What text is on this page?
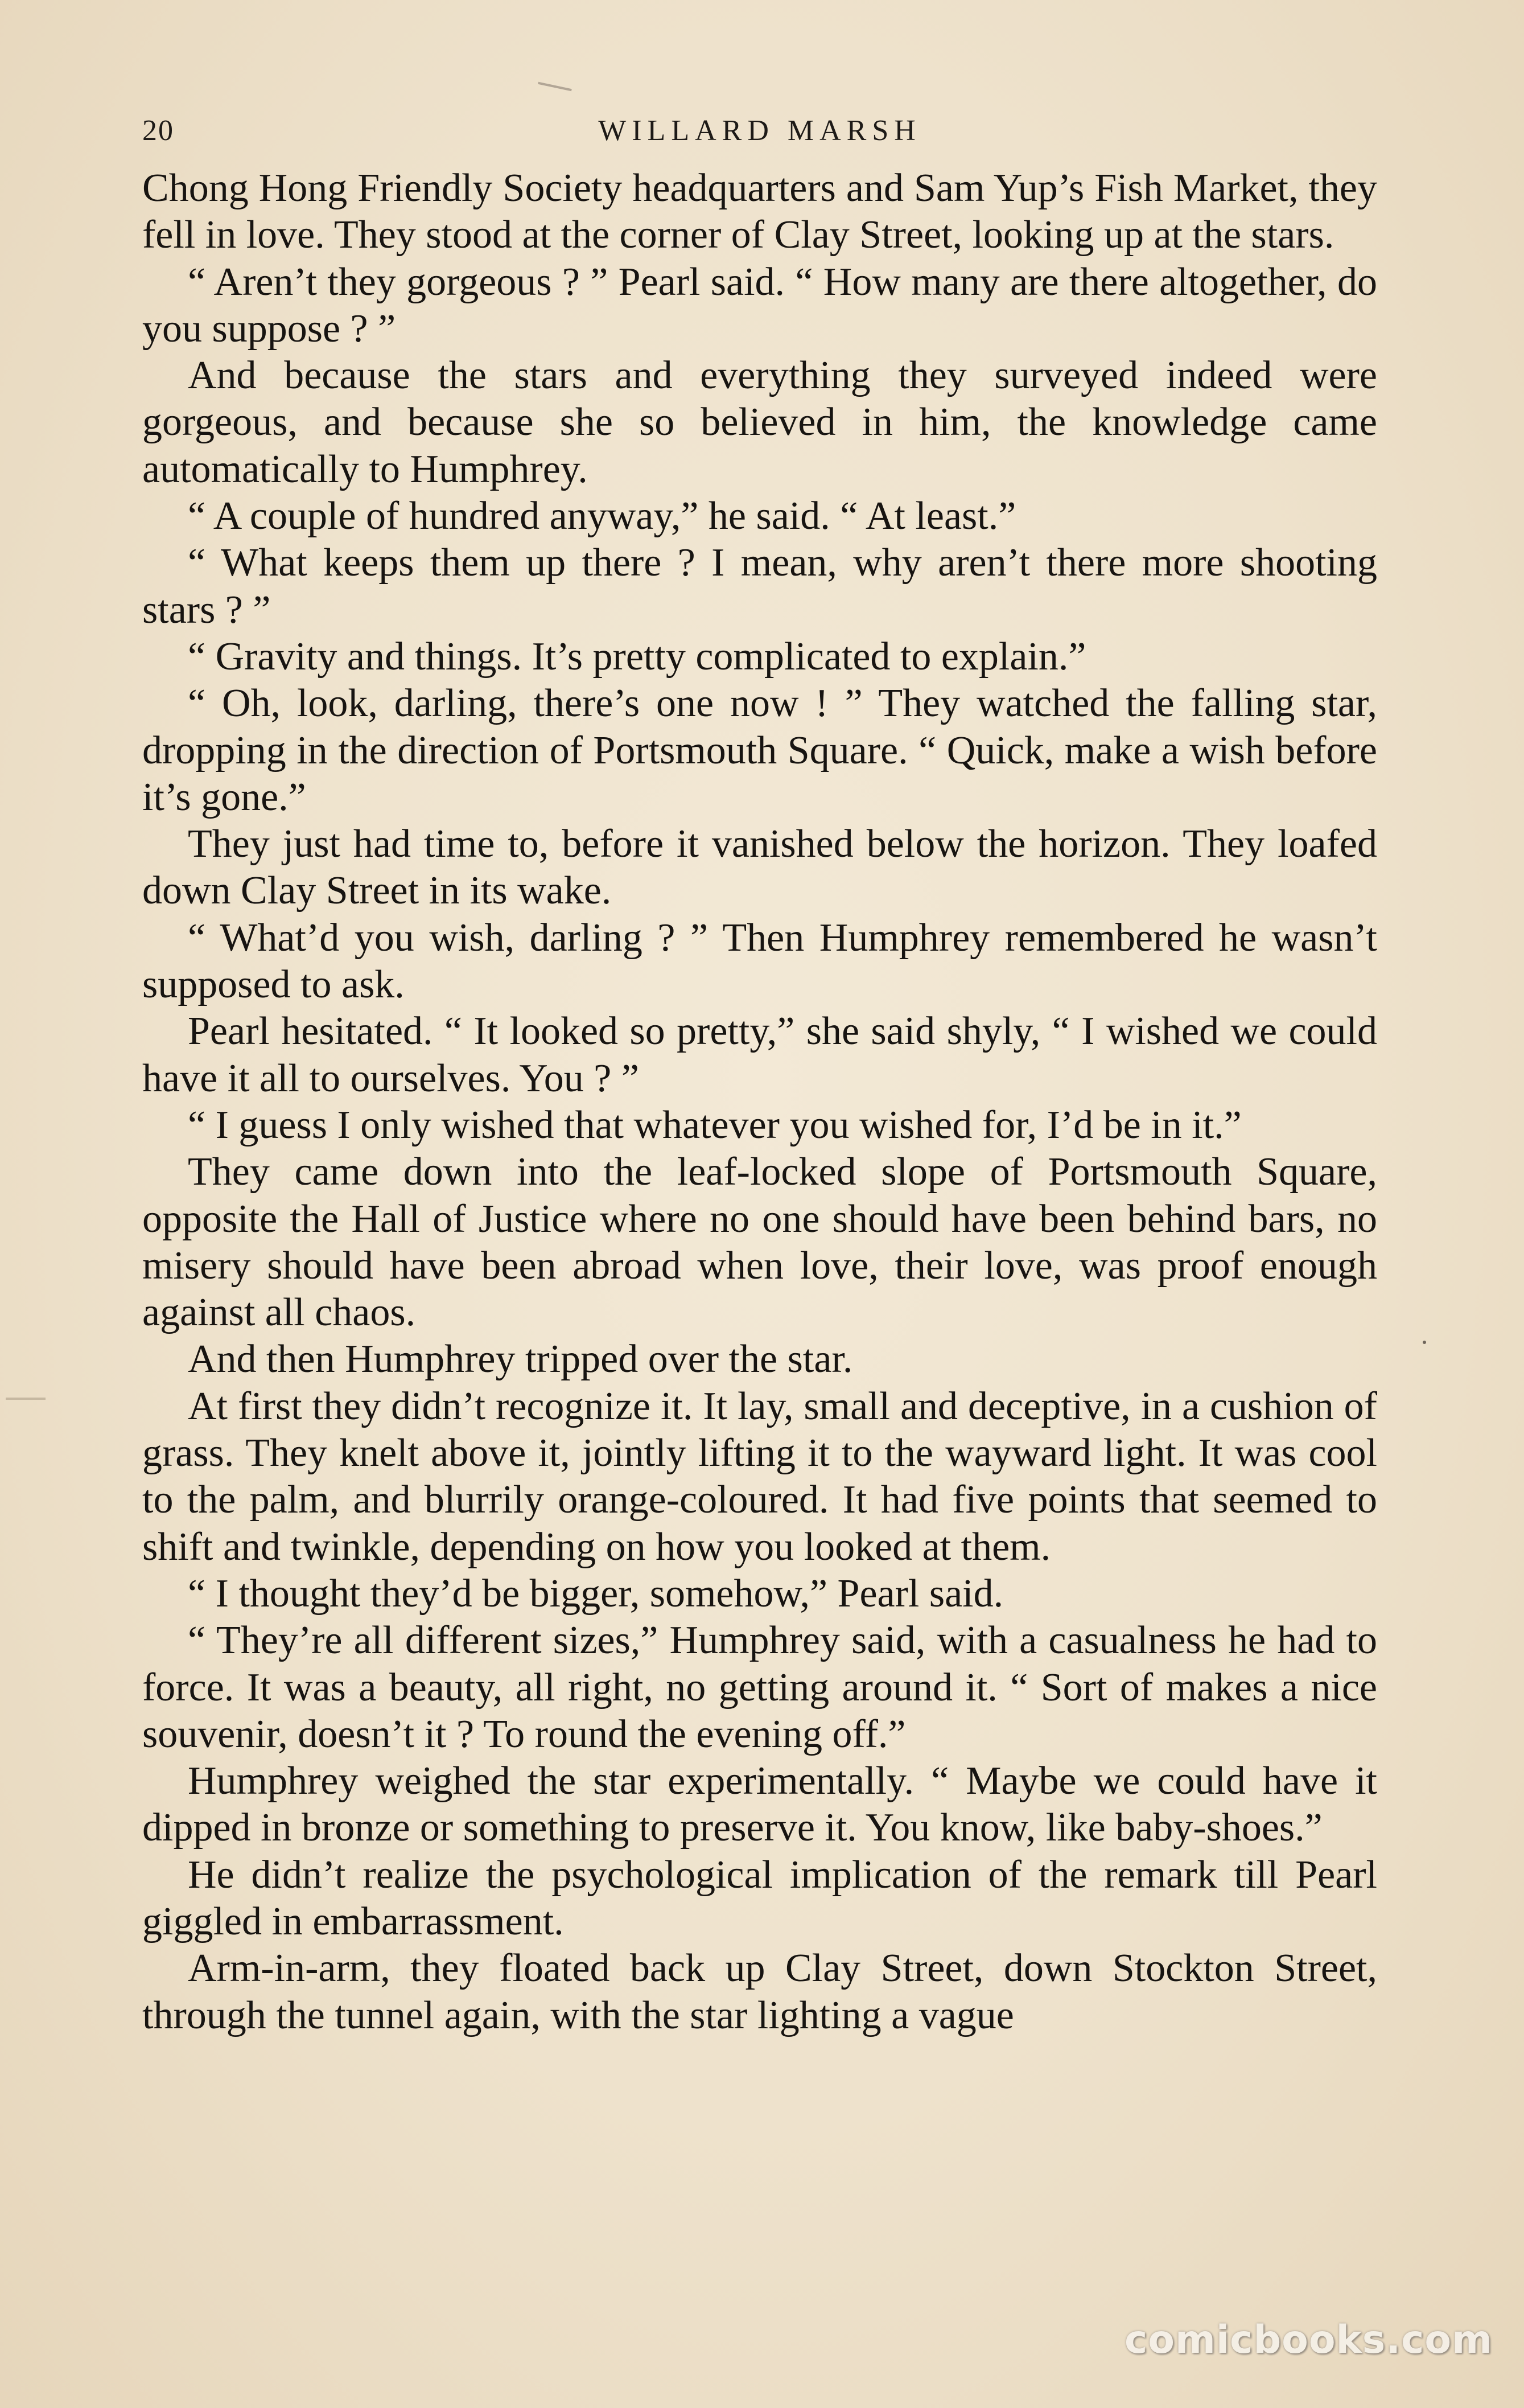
20	WILLARD MARSH

Chong Hong Friendly Society headquarters and Sam Yup’s Fish Market, they fell in love. They stood at the corner of Clay Street, looking up at the stars.

“ Aren’t they gorgeous ? ” Pearl said. “ How many are there altogether, do you suppose ? ”

And because the stars and everything they surveyed indeed were gorgeous, and because she so believed in him, the knowledge came automatically to Humphrey.

“ A couple of hundred anyway,” he said. “ At least.”

“ What keeps them up there ? I mean, why aren’t there more shooting stars ? ”

“ Gravity and things. It’s pretty complicated to explain.”

“ Oh, look, darling, there’s one now ! ” They watched the falling star, dropping in the direction of Portsmouth Square. “ Quick, make a wish before it’s gone.”

They just had time to, before it vanished below the horizon. They loafed down Clay Street in its wake.

“ What’d you wish, darling ? ” Then Humphrey remembered he wasn’t supposed to ask.

Pearl hesitated. “ It looked so pretty,” she said shyly, “ I wished we could have it all to ourselves. You ? ”

“ I guess I only wished that whatever you wished for, I’d be in it.”

They came down into the leaf-locked slope of Portsmouth Square, opposite the Hall of Justice where no one should have been behind bars, no misery should have been abroad when love, their love, was proof enough against all chaos.

And then Humphrey tripped over the star.

At first they didn’t recognize it. It lay, small and deceptive, in a cushion of grass. They knelt above it, jointly lifting it to the wayward light. It was cool to the palm, and blurrily orange-coloured. It had five points that seemed to shift and twinkle, depending on how you looked at them.

“ I thought they’d be bigger, somehow,” Pearl said.

“ They’re all different sizes,” Humphrey said, with a casualness he had to force. It was a beauty, all right, no getting around it. “ Sort of makes a nice souvenir, doesn’t it ? To round the evening off.”

Humphrey weighed the star experimentally. “ Maybe we could have it dipped in bronze or something to preserve it. You know, like baby-shoes.”

He didn’t realize the psychological implication of the remark till Pearl giggled in embarrassment.

Arm-in-arm, they floated back up Clay Street, down Stockton Street, through the tunnel again, with the star lighting a vague

comicbooks.com
